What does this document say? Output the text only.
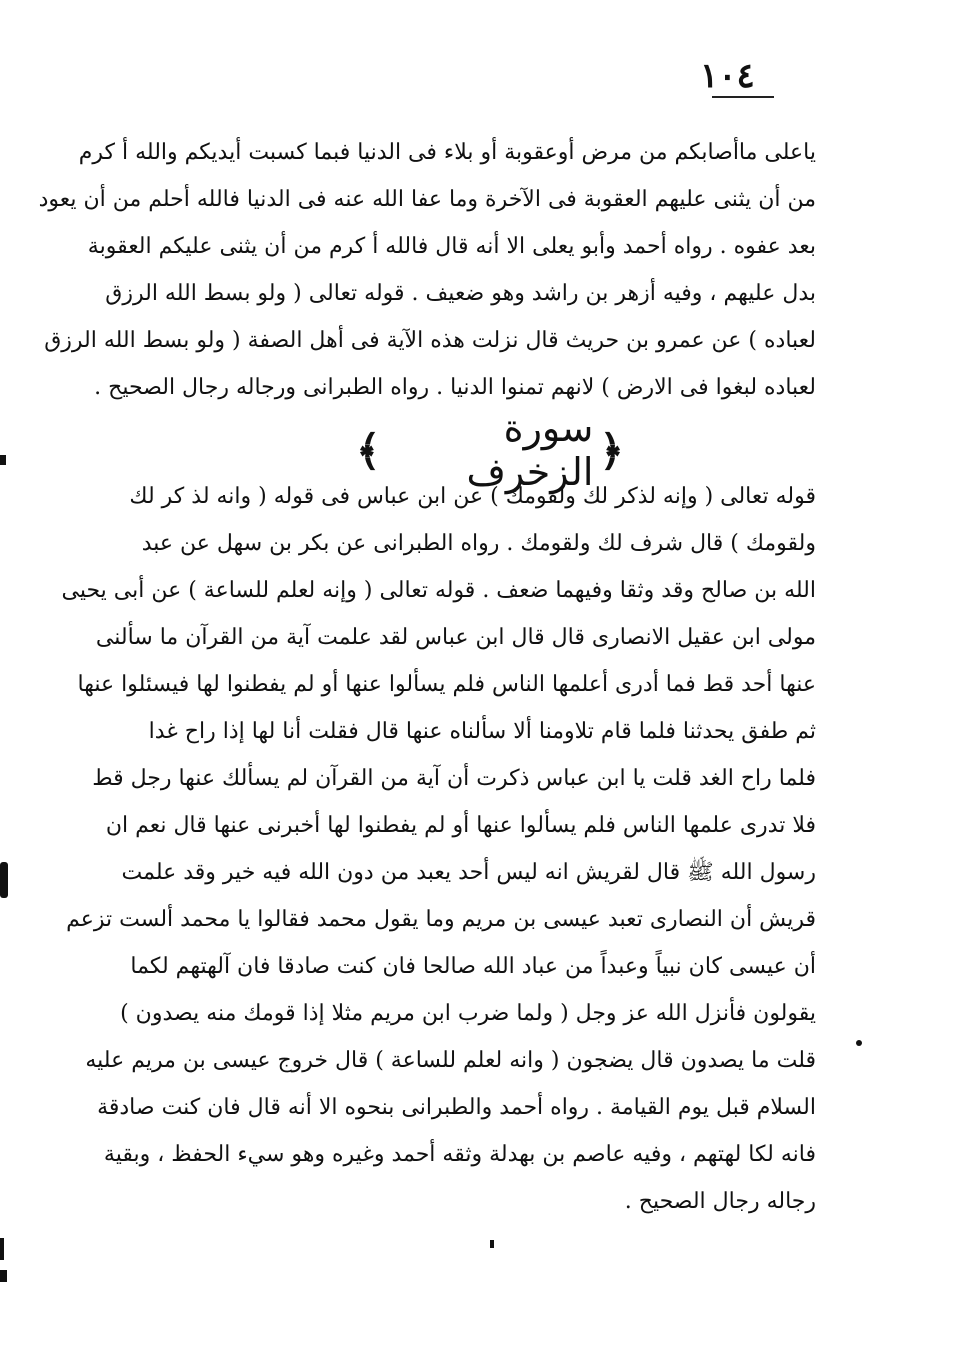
١٠٤
ياعلى ماأصابكم من مرض أوعقوبة أو بلاء فى الدنيا فبما كسبت أيديكم والله أ كرم
من أن يثنى عليهم العقوبة فى الآخرة وما عفا الله عنه فى الدنيا فالله أحلم من أن يعود
بعد عفوه . رواه أحمد وأبو يعلى الا أنه قال فالله أ كرم من أن يثنى عليكم العقوبة
بدل عليهم ، وفيه أزهر بن راشد وهو ضعيف . قوله تعالى ( ولو بسط الله الرزق
لعباده ) عن عمرو بن حريث قال نزلت هذه الآية فى أهل الصفة ( ولو بسط الله الرزق
لعباده لبغوا فى الارض ) لانهم تمنوا الدنيا . رواه الطبرانى ورجاله رجال الصحيح .
﴿
سورة الزخرف
﴾
قوله تعالى ( وإنه لذكر لك ولقومك ) عن ابن عباس فى قوله ( وانه لذ كر لك
ولقومك ) قال شرف لك ولقومك . رواه الطبرانى عن بكر بن سهل عن عبد
الله بن صالح وقد وثقا وفيهما ضعف . قوله تعالى ( وإنه لعلم للساعة ) عن أبى يحيى
مولى ابن عقيل الانصارى قال قال ابن عباس لقد علمت آية من القرآن ما سألنى
عنها أحد قط فما أدرى أعلمها الناس فلم يسألوا عنها أو لم يفطنوا لها فيسئلوا عنها
ثم طفق يحدثنا فلما قام تلاومنا ألا سألناه عنها قال فقلت أنا لها إذا راح غدا
فلما راح الغد قلت يا ابن عباس ذكرت أن آية من القرآن لم يسألك عنها رجل قط
فلا تدرى علمها الناس فلم يسألوا عنها أو لم يفطنوا لها أخبرنى عنها قال نعم ان
رسول الله ﷺ قال لقريش انه ليس أحد يعبد من دون الله فيه خير وقد علمت
قريش أن النصارى تعبد عيسى بن مريم وما يقول محمد فقالوا يا محمد ألست تزعم
أن عيسى كان نبياً وعبداً من عباد الله صالحا فان كنت صادقا فان آلهتهم لكما
يقولون فأنزل الله عز وجل ( ولما ضرب ابن مريم مثلا إذا قومك منه يصدون )
قلت ما يصدون قال يضجون ( وانه لعلم للساعة ) قال خروج عيسى بن مريم عليه
السلام قبل يوم القيامة . رواه أحمد والطبرانى بنحوه الا أنه قال فان كنت صادقة
فانه لكا لهتهم ، وفيه عاصم بن بهدلة وثقه أحمد وغيره وهو سيء الحفظ ، وبقية
رجاله رجال الصحيح .
